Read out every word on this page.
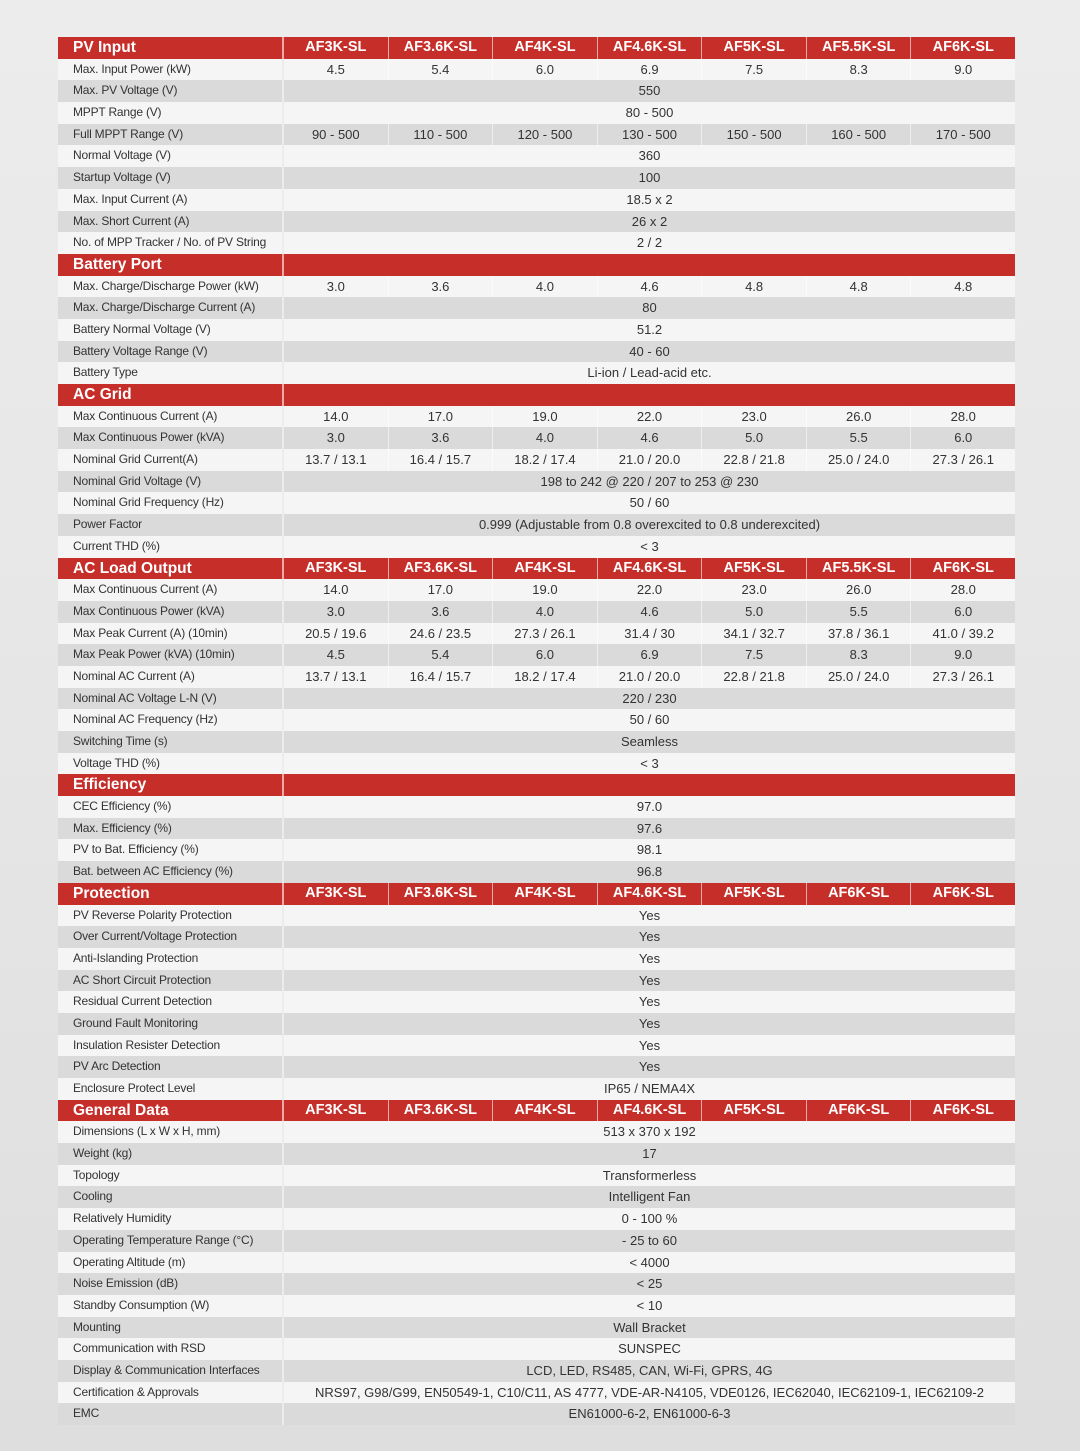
PV Input	AF3K-SL	AF3.6K-SL	AF4K-SL	AF4.6K-SL	AF5K-SL	AF5.5K-SL	AF6K-SL
Max. Input Power (kW)	4.5	5.4	6.0	6.9	7.5	8.3	9.0
Max. PV Voltage (V)	550
MPPT Range (V)	80 - 500
Full MPPT Range (V)	90 - 500	110 - 500	120 - 500	130 - 500	150 - 500	160 - 500	170 - 500
Normal Voltage (V)	360
Startup Voltage (V)	100
Max. Input Current (A)	18.5 x 2
Max. Short Current (A)	26 x 2
No. of MPP Tracker / No. of PV String	2 / 2
Battery Port
Max. Charge/Discharge Power (kW)	3.0	3.6	4.0	4.6	4.8	4.8	4.8
Max. Charge/Discharge Current (A)	80
Battery Normal Voltage (V)	51.2
Battery Voltage Range (V)	40 - 60
Battery Type	Li-ion / Lead-acid etc.
AC Grid
Max Continuous Current (A)	14.0	17.0	19.0	22.0	23.0	26.0	28.0
Max Continuous Power (kVA)	3.0	3.6	4.0	4.6	5.0	5.5	6.0
Nominal Grid Current(A)	13.7 / 13.1	16.4 / 15.7	18.2 / 17.4	21.0 / 20.0	22.8 / 21.8	25.0 / 24.0	27.3 / 26.1
Nominal Grid Voltage (V)	198 to 242 @ 220 / 207 to 253 @ 230
Nominal Grid Frequency (Hz)	50 / 60
Power Factor	0.999 (Adjustable from 0.8 overexcited to 0.8 underexcited)
Current THD (%)	< 3
AC Load Output	AF3K-SL	AF3.6K-SL	AF4K-SL	AF4.6K-SL	AF5K-SL	AF5.5K-SL	AF6K-SL
Max Continuous Current (A)	14.0	17.0	19.0	22.0	23.0	26.0	28.0
Max Continuous Power (kVA)	3.0	3.6	4.0	4.6	5.0	5.5	6.0
Max Peak Current (A) (10min)	20.5 / 19.6	24.6 / 23.5	27.3 / 26.1	31.4 / 30	34.1 / 32.7	37.8 / 36.1	41.0 / 39.2
Max Peak Power (kVA) (10min)	4.5	5.4	6.0	6.9	7.5	8.3	9.0
Nominal AC Current (A)	13.7 / 13.1	16.4 / 15.7	18.2 / 17.4	21.0 / 20.0	22.8 / 21.8	25.0 / 24.0	27.3 / 26.1
Nominal AC Voltage L-N (V)	220 / 230
Nominal AC Frequency (Hz)	50 / 60
Switching Time (s)	Seamless
Voltage THD (%)	< 3
Efficiency
CEC Efficiency (%)	97.0
Max. Efficiency (%)	97.6
PV to Bat. Efficiency (%)	98.1
Bat. between AC Efficiency (%)	96.8
Protection	AF3K-SL	AF3.6K-SL	AF4K-SL	AF4.6K-SL	AF5K-SL	AF6K-SL	AF6K-SL
PV Reverse Polarity Protection	Yes
Over Current/Voltage Protection	Yes
Anti-Islanding Protection	Yes
AC Short Circuit Protection	Yes
Residual Current Detection	Yes
Ground Fault Monitoring	Yes
Insulation Resister Detection	Yes
PV Arc Detection	Yes
Enclosure Protect Level	IP65 / NEMA4X
General Data	AF3K-SL	AF3.6K-SL	AF4K-SL	AF4.6K-SL	AF5K-SL	AF6K-SL	AF6K-SL
Dimensions (L x W x H, mm)	513 x 370 x 192
Weight (kg)	17
Topology	Transformerless
Cooling	Intelligent Fan
Relatively Humidity	0 - 100 %
Operating Temperature Range (°C)	- 25 to 60
Operating Altitude (m)	< 4000
Noise Emission (dB)	< 25
Standby Consumption (W)	< 10
Mounting	Wall Bracket
Communication with RSD	SUNSPEC
Display & Communication Interfaces	LCD, LED, RS485, CAN, Wi-Fi, GPRS, 4G
Certification & Approvals	NRS97, G98/G99, EN50549-1, C10/C11, AS 4777, VDE-AR-N4105, VDE0126, IEC62040, IEC62109-1, IEC62109-2
EMC	EN61000-6-2, EN61000-6-3
